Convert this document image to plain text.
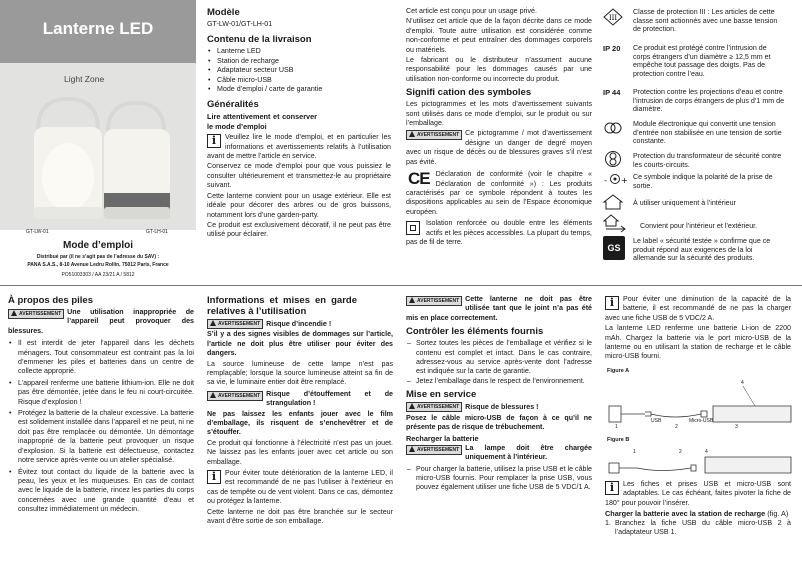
Lanterne LED
Light Zone
GT-LW-01	GT-LH-01
Mode d’emploi
Distribué par (il ne s’agit pas de l’adresse du SAV) :
PANA S.A.S., 8-10 Avenue Ledru Rollin, 75012 Paris, France
PO51003303 / AA 23/21 A / 5812
Modèle
GT-LW-01/GT-LH-01
Contenu de la livraison
• Lanterne LED
• Station de recharge
• Adaptateur secteur USB
• Câble micro-USB
• Mode d’emploi / carte de garantie
Généralités
Lire attentivement et conserver le mode d’emploi

i	Veuillez lire le mode d’emploi, et en particulier les informations et avertissements relatifs à l’utilisation avant de mettre l’article en service.

Conservez ce mode d’emploi pour que vous puissiez le consulter ultérieurement et transmettez-le au propriétaire suivant.

Cette lanterne convient pour un usage extérieur. Elle est idéale pour décorer des arbres ou de gros buissons, notamment lors d’une garden-party.

Ce produit est exclusivement décoratif, il ne peut pas être utilisé pour éclairer.

Cet article est conçu pour un usage privé.

N’utilisez cet article que de la façon décrite dans ce mode d’emploi. Toute autre utilisation est considérée comme non-conforme et peut entraîner des dommages corporels ou matériels.

Le fabricant ou le distributeur n’assument aucune responsabilité pour les dommages causés par une utilisation non-conforme ou incorrecte du produit.

Signifi cation des symboles

Les pictogrammes et les mots d’avertissement suivants sont utilisés dans ce mode d’emploi, sur le produit ou sur l’emballage.

AVERTISSEMENT Ce pictogramme / mot d’avertissement désigne un danger de degré moyen avec un risque de décès ou de blessures graves s’il n’est pas évité.

CE Déclaration de conformité (voir le chapitre « Déclaration de conformité ») : Les produits caractérisés par ce symbole répondent à toutes les dispositions applicables au sein de l’Espace économique européen.

Isolation renforcée ou double entre les éléments actifs et les pièces accessibles. La plupart du temps, pas de fil de terre.

III
Classe de protection III : Les articles de cette classe sont actionnés avec une basse tension de protection.
IP 20 Ce produit est protégé contre l’intrusion de corps étrangers d’un diamètre ≥ 12,5 mm et empêche tout passage des doigts. Pas de protection contre l’eau.
IP 44 Protection contre les projections d’eau et contre l’intrusion de corps étrangers de plus d’1 mm de diamètre.
Module électronique qui convertit une tension d’entrée non stabilisée en une tension de sortie constante.
Protection du transformateur de sécurité contre les courts-circuits.
- + Ce symbole indique la polarité de la prise de sortie.
À utiliser uniquement à l’intérieur
Convient pour l’intérieur et l’extérieur.
GS
Le label « sécurité testée » confirme que ce produit répond aux exigences de la loi allemande sur la sécurité des produits.
À propos des piles

AVERTISSEMENT Une utilisation inappropriée de l’appareil peut provoquer des blessures.

• Il est interdit de jeter l’appareil dans les déchets ménagers. Tout consommateur est contraint pas la loi d’emmener les piles et batteries dans un centre de collecte approprié.
• L’appareil renferme une batterie lithium-ion. Elle ne doit pas être démontée, jetée dans le feu ni court-circuitée. Risque d’explosion !
• Protégez la batterie de la chaleur excessive. La batterie est solidement installée dans l’appareil et ne peut, ni ne doit pas être remplacée ou démontée. Un démontage inapproprié de la batterie peut provoquer un risque d’explosion. Si la batterie est défectueuse, contactez notre service après-vente ou un atelier spécialisé.
• Évitez tout contact du liquide de la batterie avec la peau, les yeux et les muqueuses. En cas de contact avec le liquide de la batterie, rincez les parties du corps concernées avec une grande quantité d’eau et consultez immédiatement un médecin.
Informations et mises en garde relatives à l’utilisation

AVERTISSEMENT Risque d’incendie !

S’il y a des signes visibles de dommages sur l’article, l’article ne doit plus être utiliser pour éviter des dangers.

La source lumineuse de cette lampe n’est pas remplaçable; lorsque la source lumineuse atteint sa fin de sa vie, le luminaire entier doit être remplacé.

AVERTISSEMENT Risque d’étouffement et de strangulation !

Ne pas laissez les enfants jouer avec le film d’emballage, ils risquent de s’enchevêtrer et de s’étouffer.

Ce produit qui fonctionne à l’électricité n’est pas un jouet. Ne laissez pas les enfants jouer avec cet article ou son emballage.

i	Pour éviter toute détérioration de la lanterne LED, il est recommandé de ne pas l’utiliser à l’extérieur en cas de tempête ou de vent violent. Dans ce cas, démontez ou protégez la lanterne.

Cette lanterne ne doit pas être branchée sur le secteur avant d’être sortie de son emballage.

AVERTISSEMENT Cette lanterne ne doit pas être utilisée tant que le joint n’a pas été mis en place correctement.

Contrôler les éléments fournis
– Sortez toutes les pièces de l’emballage et vérifiez si le contenu est complet et intact. Dans le cas contraire, adressez-vous au service après-vente dont l’adresse est indiquée sur la carte de garantie.
– Jetez l’emballage dans le respect de l’environnement.
Mise en service

AVERTISSEMENT Risque de blessures !

Posez le câble micro-USB de façon à ce qu’il ne présente pas de risque de trébuchement.

Recharger la batterie

AVERTISSEMENT La lampe doit être chargée uniquement à l’intérieur.

– Pour charger la batterie, utilisez la prise USB et le câble micro-USB fournis. Pour remplacer la prise USB, vous pouvez également utiliser une fiche USB de 5 VDC/1 A.

i	Pour éviter une diminution de la capacité de la batterie, il est recommandé de ne pas la charger avec une fiche USB de 5 VDC/2 A.

La lanterne LED renferme une batterie Li-ion de 2200 mAh. Chargez la batterie via le port micro-USB de la lanterne ou en utilisant la station de recharge et le câble micro-USB fourni.

Figure A
USB	Micro-USB
1	2	3
4
Figure B
1	2	4

i	Les fiches et prises USB et micro-USB sont adaptables. Le cas échéant, faites pivoter la fiche de 180° pour pouvoir l’insérer.

Charger la batterie avec la station de recharge (fig. A)

1. Branchez la fiche USB du câble micro-USB 2 à l’adaptateur USB 1.
